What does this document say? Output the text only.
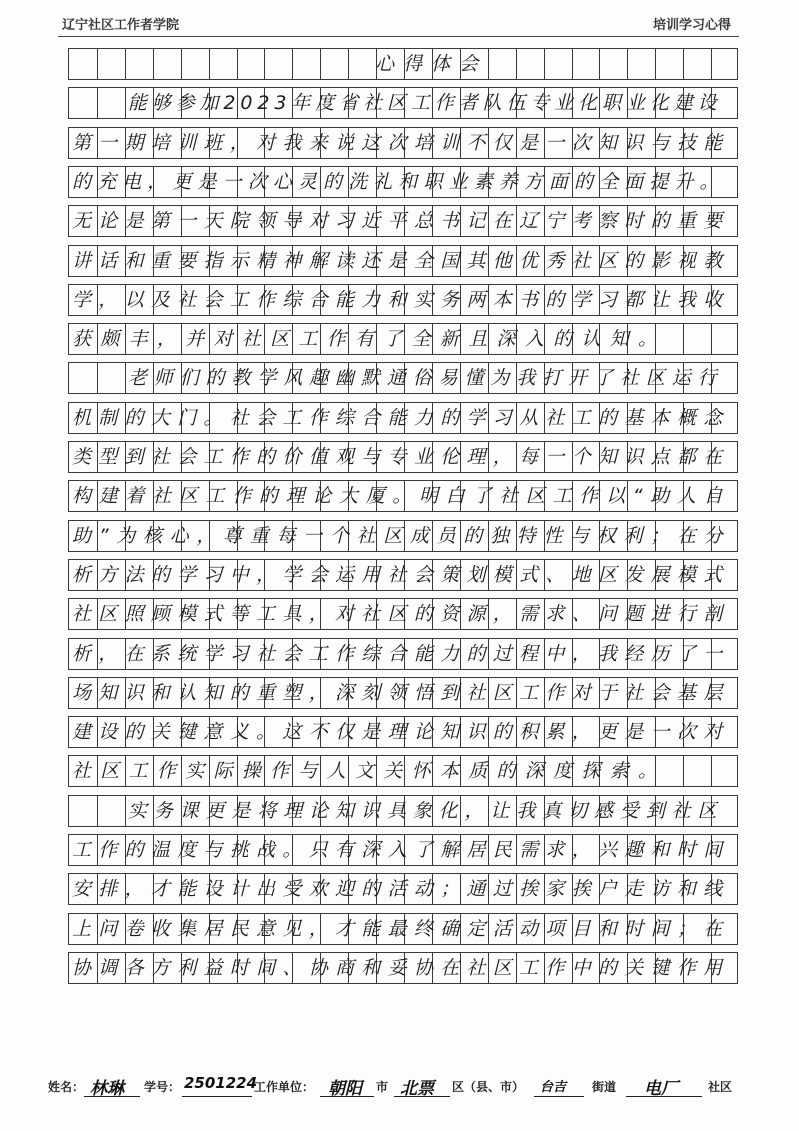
辽宁社区工作者学院	培训学习心得
心得体会
能够参加2023年度省社区工作者队伍专业化职业化建设
第一期培训班，对我来说这次培训不仅是一次知识与技能
的充电，更是一次心灵的洗礼和职业素养方面的全面提升。
无论是第一天院领导对习近平总书记在辽宁考察时的重要
讲话和重要指示精神解读还是全国其他优秀社区的影视教
学，以及社会工作综合能力和实务两本书的学习都让我收
获颇丰，并对社区工作有了全新且深入的认知。
老师们的教学风趣幽默通俗易懂为我打开了社区运行
机制的大门。社会工作综合能力的学习从社工的基本概念
类型到社会工作的价值观与专业伦理，每一个知识点都在
构建着社区工作的理论大厦。明白了社区工作以“助人自
助”为核心，尊重每一个社区成员的独特性与权利；在分
析方法的学习中，学会运用社会策划模式、地区发展模式
社区照顾模式等工具，对社区的资源，需求、问题进行剖
析，在系统学习社会工作综合能力的过程中，我经历了一
场知识和认知的重塑，深刻领悟到社区工作对于社会基层
建设的关键意义。这不仅是理论知识的积累，更是一次对
社区工作实际操作与人文关怀本质的深度探索。
实务课更是将理论知识具象化，让我真切感受到社区
工作的温度与挑战。只有深入了解居民需求，兴趣和时间
安排，才能设计出受欢迎的活动；通过挨家挨户走访和线
上问卷收集居民意见，才能最终确定活动项目和时间；在
协调各方利益时间、协商和妥协在社区工作中的关键作用
姓名： 林琳 学号： 2501224
工作单位： 朝阳 市 北票 区（县、市） 台吉 街道 电厂	社区
